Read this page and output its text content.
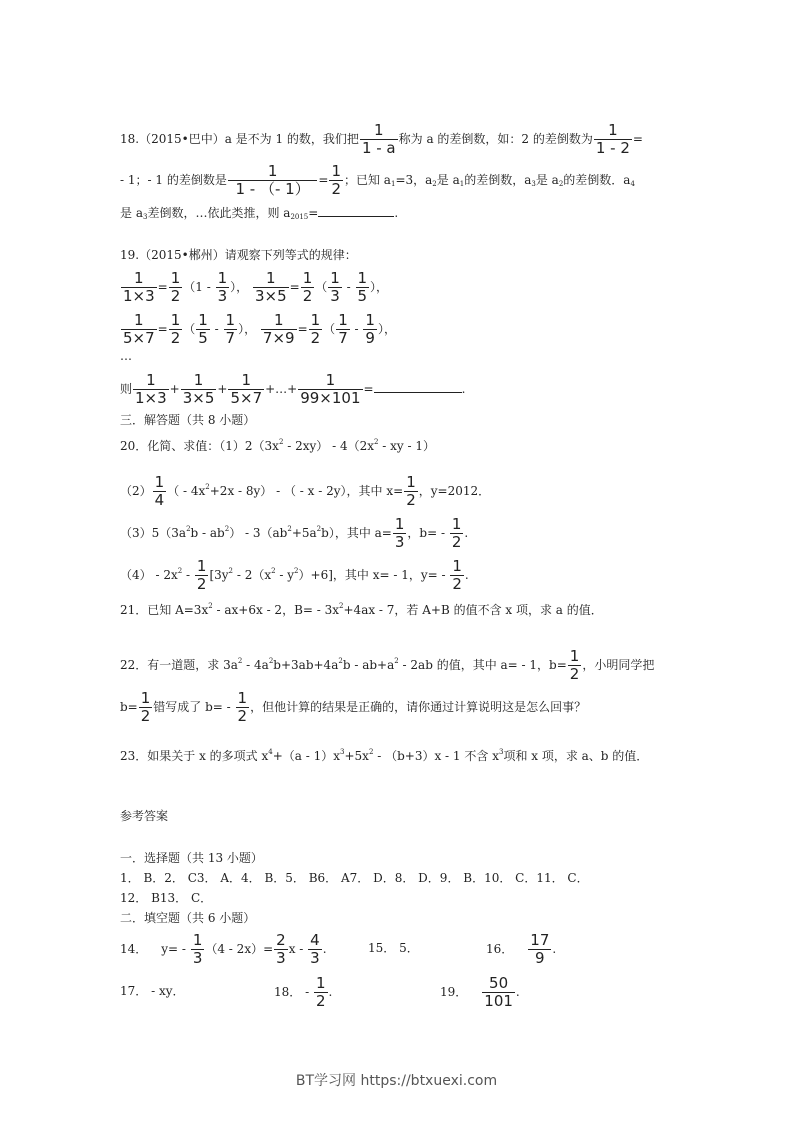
18.（2015•巴中）a 是不为 1 的数，我们把 $\frac{1}{1 - a}$ 称为 a 的差倒数，如：2 的差倒数为 $\frac{1}{1 - 2}$ =
- 1；- 1 的差倒数是 $\frac{1}{1 - (- 1)} = \frac{1}{2}$ ；已知 $a_1=3$，$a_2$是 $a_1$的差倒数，$a_3$是 $a_2$的差倒数．$a_4$
是 $a_3$差倒数，…依此类推，则 $a_{2015}=$	.
19.（2015•郴州）请观察下列等式的规律：
$\frac{1}{1\times 3} = \frac{1}{2} (1 - \frac{1}{3}$ ）， $\frac{1}{3\times 5} = \frac{1}{2}$ （ $\frac{1}{3} - \frac{1}{5}$ ），
$\frac{1}{5\times 7} = \frac{1}{2}$ （ $\frac{1}{5} - \frac{1}{7}$ ）， $\frac{1}{7\times 9} = \frac{1}{2}$ （ $\frac{1}{7} - \frac{1}{9}$ ），
…
则 $\frac{1}{1\times 3} + \frac{1}{3\times 5} + \frac{1}{5\times 7}$ +…+ $\frac{1}{99\times 101}$ =	.
三．解答题（共 8 小题）
20．化简、求值：$(1)2(3x^2 - 2xy) - 4(2x^2$ - xy - 1）
$(2) \frac{1}{4}$ （ - $4x^2+2x - 8y$） - （ - x - 2y），其中 $x= \frac{1}{2}$ ，y=2012．
$(3)5(3a^2b - ab^2) - 3(ab^2+5a^2b)$，其中 $a= \frac{1}{3}$ ，$b= - \frac{1}{2}$ .
$(4) - 2x^2 - \frac{1}{2} [3y^2 - 2(x^2 - y^2)+6]$，其中 x= - 1，$y= - \frac{1}{2}$ .
21．已知 $A=3x^2 - ax+6x - 2$，$B= - 3x^2+4ax - 7$，若 A+B 的值不含 x 项，求 a 的值．
22．有一道题，求 $3a^2 - 4a^2b+3ab+4a^2b - ab+a^2 - 2ab$ 的值，其中 a= - 1，$b= \frac{1}{2}$ ，小明同学把
$b= \frac{1}{2}$ 错写成了 $b= - \frac{1}{2}$ ，但他计算的结果是正确的，请你通过计算说明这是怎么回事？
23．如果关于 x 的多项式 $x^4+(a - 1)x^3+5x^2 - (b+3)x - 1$ 不含 $x^3$项和 x 项，求 a、b 的值．
参考答案
一．选择题（共 13 小题）
1． B．2． C3． A．4． B．5． B6． A7． D．8． D．9． B．10． C．11． C．
12． B13． C．
二．填空题（共 6 小题）
14． $y= - \frac{1}{3} (4 - 2x)= \frac{2}{3}$ x - $\frac{4}{3}$ .	15． 5．	16． $\frac{17}{9}$ .
17． - xy．	18． - $\frac{1}{2}$ .	19． $\frac{50}{101}$ .
BT学习网 https://btxuexi.com
